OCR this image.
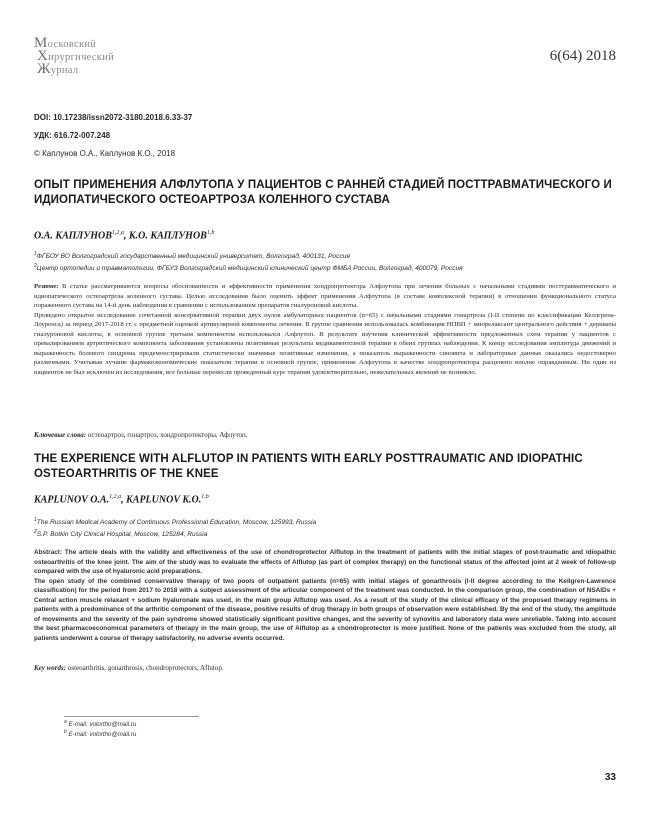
Московский
Хирургический
Журнал
6(64) 2018
DOI: 10.17238/issn2072-3180.2018.6.33-37
УДК: 616.72-007.248
© Каплунов О.А., Каплунов К.О., 2018
ОПЫТ ПРИМЕНЕНИЯ АЛФЛУТОПА У ПАЦИЕНТОВ С РАННЕЙ СТАДИЕЙ ПОСТТРАВМАТИЧЕСКОГО И ИДИОПАТИЧЕСКОГО ОСТЕОАРТРОЗА КОЛЕННОГО СУСТАВА
О.А. КАПЛУНОВ$^{1,2,a}$, К.О. КАПЛУНОВ$^{1,b}$
$^1$ФГБОУ ВО Волгоградский государственный медицинский университет, Волгоград, 400131, Россия
$^2$Центр ортопедии и травматологии, ФГБУЗ Волгоградский медицинский клинический центр ФМБА России, Волгоград, 400079, Россия

Резюме: В статье рассматриваются вопросы обоснованности и эффективности применения хондропротектора Алфлутопа при лечении больных с начальными стадиями посттравматического и идиопатического остеоартроза коленного сустава. Целью исследования было оценить эффект применения Алфлутопа (в составе комплексной терапии) в отношении функционального статуса пораженного сустава на 14-й день наблюдения в сравнении с использованием препаратов гиалуроновой кислоты.

Проведено открытое исследование сочетанной консервативной терапии двух пулов амбулаторных пациентов (n=65) с начальными стадиями гонартроза (I-II степени по классификации Келлгрена-Лоуренса) за период 2017-2018 гг. с предметной оценкой артикулярной компоненты лечения. В группе сравнения использовалась комбинация НПВП + миорелаксант центрального действия + дериваты гиалуроновой кислоты, в основной группе третьим компонентом использовался Алфлутоп. В результате изучения клинической эффективности предложенных схем терапии у пациентов с превалированием артритического компонента заболевания установлены позитивные результаты медикаментозной терапии в обеих группах наблюдения. К концу исследования амплитуда движений и выраженность болевого синдрома продемонстрировали статистически значимые позитивные изменения, а показатель выраженности синовита и лабораторные данные оказались недостоверно различными. Учитывая лучшие фармакоэкономические показатели терапии в основной группе, применение Алфлутопа в качестве хондропротектора расценено вполне оправданным. Ни один из пациентов не был исключен из исследования, все больные перенесли проведенный курс терапии удовлетворительно, нежелательных явлений не возникло.

Ключевые слова: остеоартроз, гонартроз, хондропротекторы, Афлутоп.
THE EXPERIENCE WITH ALFLUTOP IN PATIENTS WITH EARLY POSTTRAUMATIC AND IDIOPATHIC OSTEOARTHRITIS OF THE KNEE
KAPLUNOV O.A.$^{1,2,a}$, KAPLUNOV K.O.$^{1,b}$
$^1$The Russian Medical Academy of Continuous Professional Education, Moscow, 125993, Russia
$^2$S.P. Botkin City Clinical Hospital, Moscow, 125284, Russia

Abstract: The article deals with the validity and effectiveness of the use of chondroprotector Alflutop in the treatment of patients with the initial stages of post-traumatic and idiopathic osteoarthritis of the knee joint. The aim of the study was to evaluate the effects of Alflutop (as part of complex therapy) on the functional status of the affected joint at 2 week of follow-up compared with the use of hyaluronic acid preparations.

The open study of the combined conservative therapy of two pools of outpatient patients (n=65) with initial stages of gonarthrosis (I-II degree according to the Kellgren-Lawrence classification) for the period from 2017 to 2018 with a subject assessment of the articular component of the treatment was conducted. In the comparison group, the combination of NSAIDs + Central action muscle relaxant + sodium hyaluronate was used, in the main group Alflutop was used. As a result of the study of the clinical efficacy of the proposed therapy regimens in patients with a predominance of the arthritic component of the disease, positive results of drug therapy in both groups of observation were established. By the end of the study, the amplitude of movements and the severity of the pain syndrome showed statistically significant positive changes, and the severity of synovitis and laboratory data were unreliable. Taking into account the best pharmacoeconomical parameters of therapy in the main group, the use of Alflutop as a chondroprotector is more justified. None of the patients was excluded from the study, all patients underwent a course of therapy satisfactorily, no adverse events occurred.

Key words: osteoarthritis, gonarthrosis, chondroprotectors, Aflutop.
$^a$ E-mail: volortho@mail.ru
$^b$ E-mail: volortho@mail.ru
33
